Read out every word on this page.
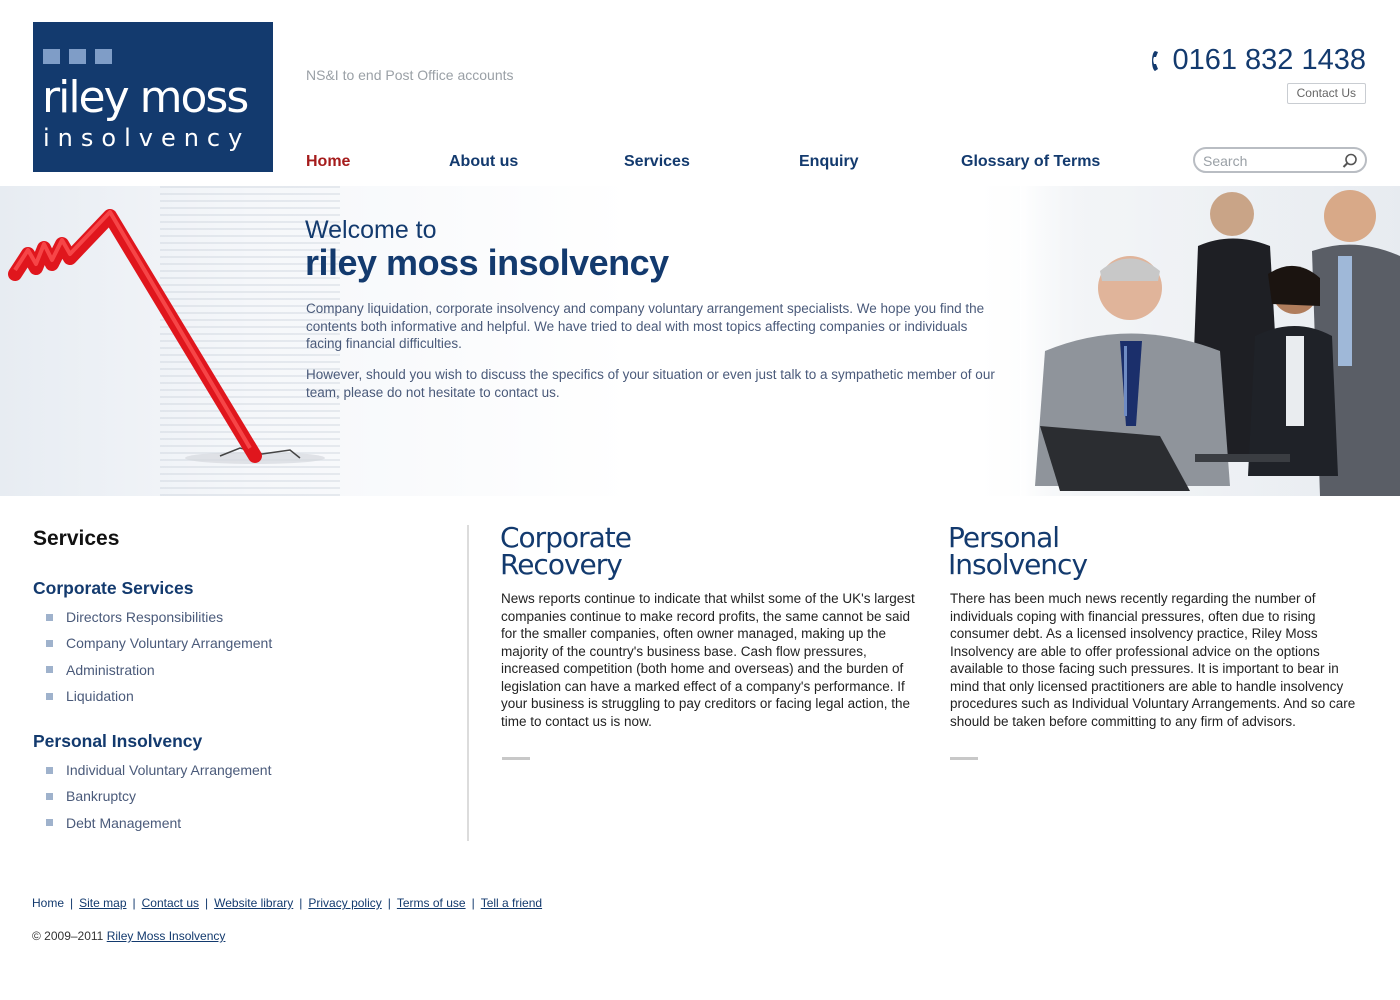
riley moss
insolvency
NS&I to end Post Office accounts	0161 832 1438
Contact Us
Home	About us	Services	Enquiry	Glossary of Terms
Search
Welcome to
riley moss insolvency

Company liquidation, corporate insolvency and company voluntary arrangement specialists. We hope you find the contents both informative and helpful. We have tried to deal with most topics affecting companies or individuals facing financial difficulties.

However, should you wish to discuss the specifics of your situation or even just talk to a sympathetic member of our team, please do not hesitate to contact us.

Services
Corporate Services
Directors Responsibilities
Company Voluntary Arrangement
Administration
Liquidation
Personal Insolvency
Individual Voluntary Arrangement
Bankruptcy
Debt Management
Corporate
Recovery

News reports continue to indicate that whilst some of the UK's largest companies continue to make record profits, the same cannot be said for the smaller companies, often owner managed, making up the majority of the country's business base. Cash flow pressures, increased competition (both home and overseas) and the burden of legislation can have a marked effect of a company's performance. If your business is struggling to pay creditors or facing legal action, the time to contact us is now.

Personal
Insolvency

There has been much news recently regarding the number of individuals coping with financial pressures, often due to rising consumer debt. As a licensed insolvency practice, Riley Moss Insolvency are able to offer professional advice on the options available to those facing such pressures. It is important to bear in mind that only licensed practitioners are able to handle insolvency procedures such as Individual Voluntary Arrangements. And so care should be taken before committing to any firm of advisors.

Home | Site map | Contact us | Website library | Privacy policy | Terms of use | Tell a friend
© 2009–2011 Riley Moss Insolvency
